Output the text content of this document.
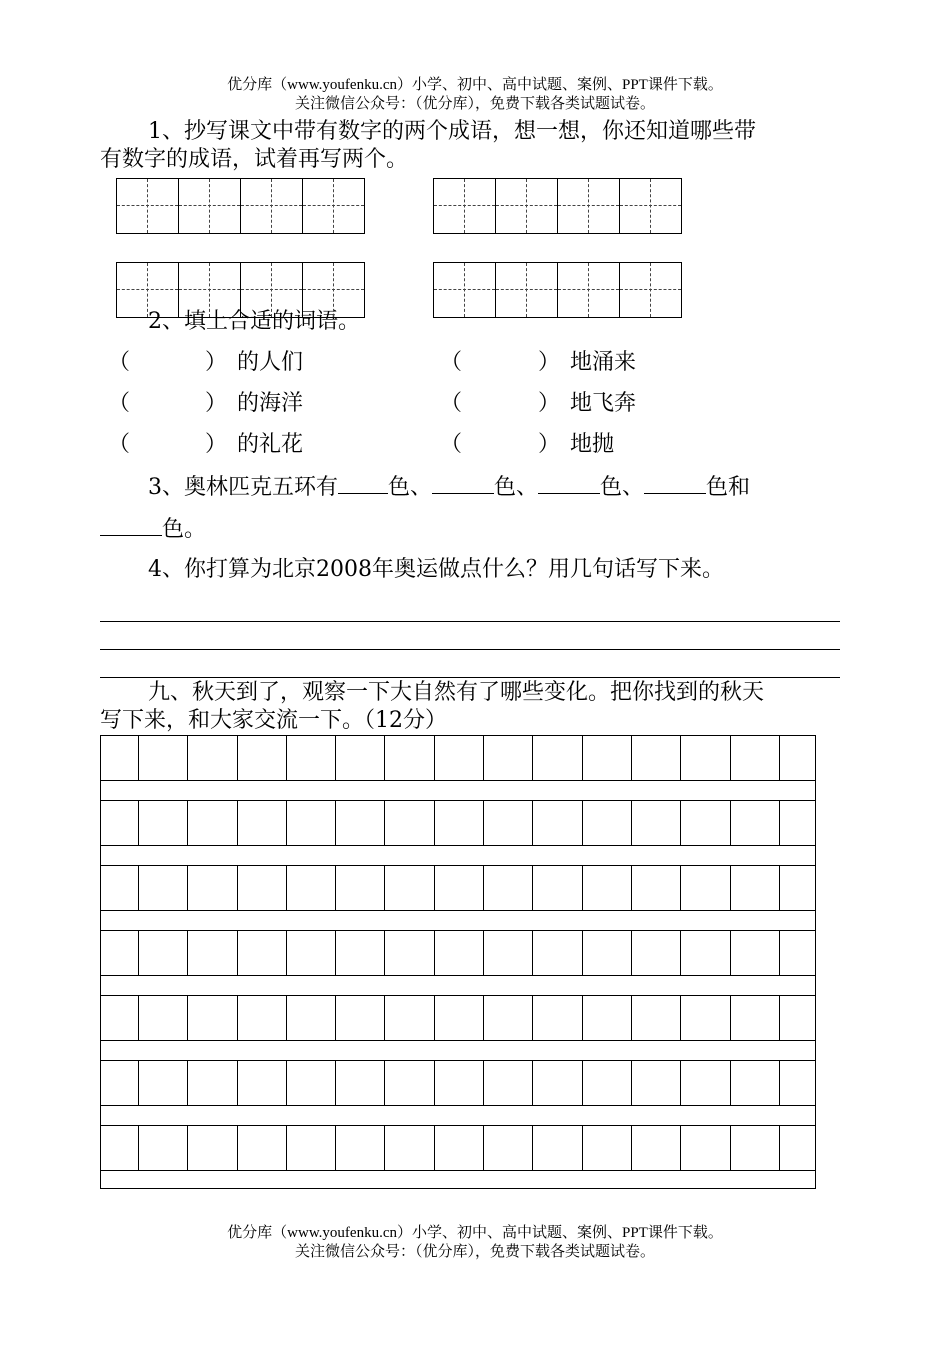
优分库（www.youfenku.cn）小学、初中、高中试题、案例、PPT课件下载。
关注微信公众号：（优分库），免费下载各类试题试卷。
1、抄写课文中带有数字的两个成语，想一想，你还知道哪些带
有数字的成语，试着再写两个。
2、填上合适的词语。
（	） 的人们	（	） 地涌来
（	） 的海洋	（	） 地飞奔
（	） 的礼花	（	） 地抛
3、奥林匹克五环有 色、	色、	色、	色和
色。
4、你打算为北京2008年奥运做点什么？用几句话写下来。
九、秋天到了，观察一下大自然有了哪些变化。把你找到的秋天
写下来，和大家交流一下。（12分）
优分库（www.youfenku.cn）小学、初中、高中试题、案例、PPT课件下载。
关注微信公众号：（优分库），免费下载各类试题试卷。
